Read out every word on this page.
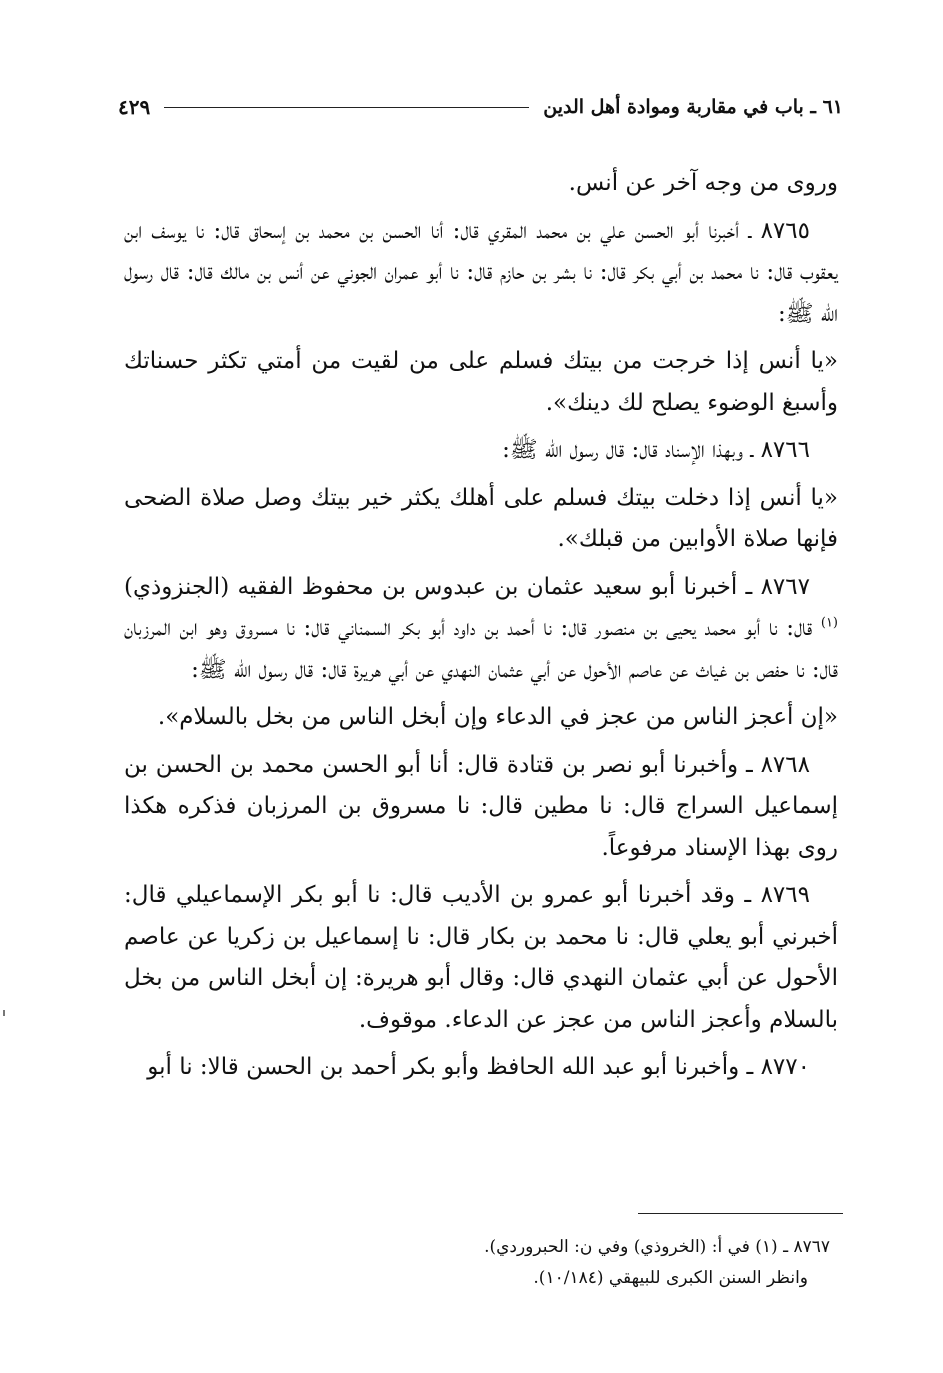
٦١ ـ باب في مقاربة وموادة أهل الدين
٤٢٩

وروى من وجه آخر عن أنس.

٨٧٦٥ ـ أخبرنا أبو الحسن علي بن محمد المقري قال: أنا الحسن بن محمد بن إسحاق قال: نا يوسف ابن يعقوب قال: نا محمد بن أبي بكر قال: نا بشر بن حازم قال: نا أبو عمران الجوني عن أنس بن مالك قال: قال رسول الله ﷺ:

«يا أنس إذا خرجت من بيتك فسلم على من لقيت من أمتي تكثر حسناتك وأسبغ الوضوء يصلح لك دينك».

٨٧٦٦ ـ وبهذا الإسناد قال: قال رسول الله ﷺ:

«يا أنس إذا دخلت بيتك فسلم على أهلك يكثر خير بيتك وصل صلاة الضحى فإنها صلاة الأوابين من قبلك».

٨٧٦٧ ـ أخبرنا أبو سعيد عثمان بن عبدوس بن محفوظ الفقيه (الجنزوذي)$^{(١)}$ قال: نا أبو محمد يحيى بن منصور قال: نا أحمد بن داود أبو بكر السمناني قال: نا مسروق وهو ابن المرزبان قال: نا حفص بن غياث عن عاصم الأحول عن أبي عثمان النهدي عن أبي هريرة قال: قال رسول الله ﷺ:

«إن أعجز الناس من عجز في الدعاء وإن أبخل الناس من بخل بالسلام».

٨٧٦٨ ـ وأخبرنا أبو نصر بن قتادة قال: أنا أبو الحسن محمد بن الحسن بن إسماعيل السراج قال: نا مطين قال: نا مسروق بن المرزبان فذكره هكذا روى بهذا الإسناد مرفوعاً.

٨٧٦٩ ـ وقد أخبرنا أبو عمرو بن الأديب قال: نا أبو بكر الإسماعيلي قال: أخبرني أبو يعلي قال: نا محمد بن بكار قال: نا إسماعيل بن زكريا عن عاصم الأحول عن أبي عثمان النهدي قال: وقال أبو هريرة: إن أبخل الناس من بخل بالسلام وأعجز الناس من عجز عن الدعاء. موقوف.

٨٧٧٠ ـ وأخبرنا أبو عبد الله الحافظ وأبو بكر أحمد بن الحسن قالا: نا أبو

٨٧٦٧ ـ (١) في أ: (الخروذي) وفي ن: الحبروردي).

وانظر السنن الكبرى للبيهقي (١٠/١٨٤).
